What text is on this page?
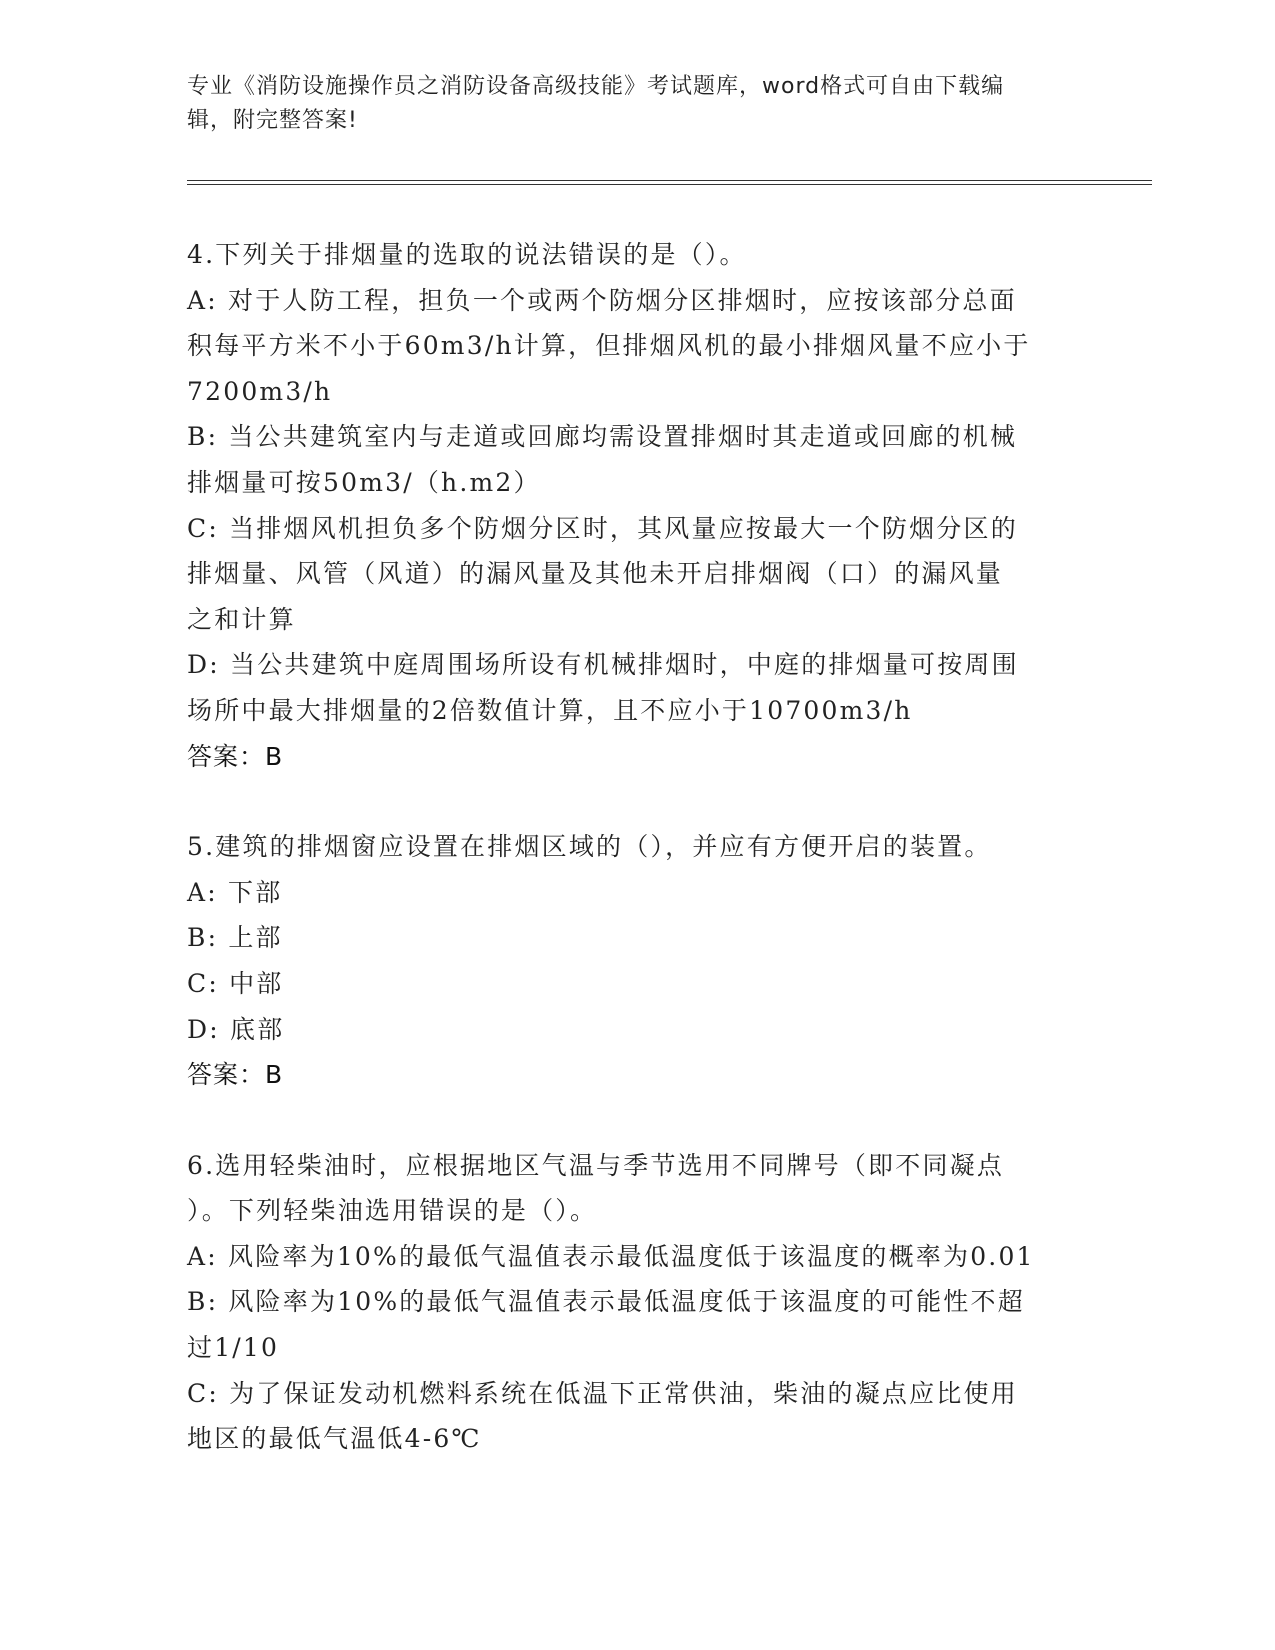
专业《消防设施操作员之消防设备高级技能》考试题库，word格式可自由下载编
辑，附完整答案!
4.下列关于排烟量的选取的说法错误的是（）。
A: 对于人防工程，担负一个或两个防烟分区排烟时，应按该部分总面
积每平方米不小于60m3/h计算，但排烟风机的最小排烟风量不应小于
7200m3/h
B: 当公共建筑室内与走道或回廊均需设置排烟时其走道或回廊的机械
排烟量可按50m3/（h.m2）
C: 当排烟风机担负多个防烟分区时，其风量应按最大一个防烟分区的
排烟量、风管（风道）的漏风量及其他未开启排烟阀（口）的漏风量
之和计算
D: 当公共建筑中庭周围场所设有机械排烟时，中庭的排烟量可按周围
场所中最大排烟量的2倍数值计算，且不应小于10700m3/h
答案：B
5.建筑的排烟窗应设置在排烟区域的（），并应有方便开启的装置。
A: 下部
B: 上部
C: 中部
D: 底部
答案：B
6.选用轻柴油时，应根据地区气温与季节选用不同牌号（即不同凝点
）。下列轻柴油选用错误的是（）。
A: 风险率为10%的最低气温值表示最低温度低于该温度的概率为0.01
B: 风险率为10%的最低气温值表示最低温度低于该温度的可能性不超
过1/10
C: 为了保证发动机燃料系统在低温下正常供油，柴油的凝点应比使用
地区的最低气温低4-6℃
